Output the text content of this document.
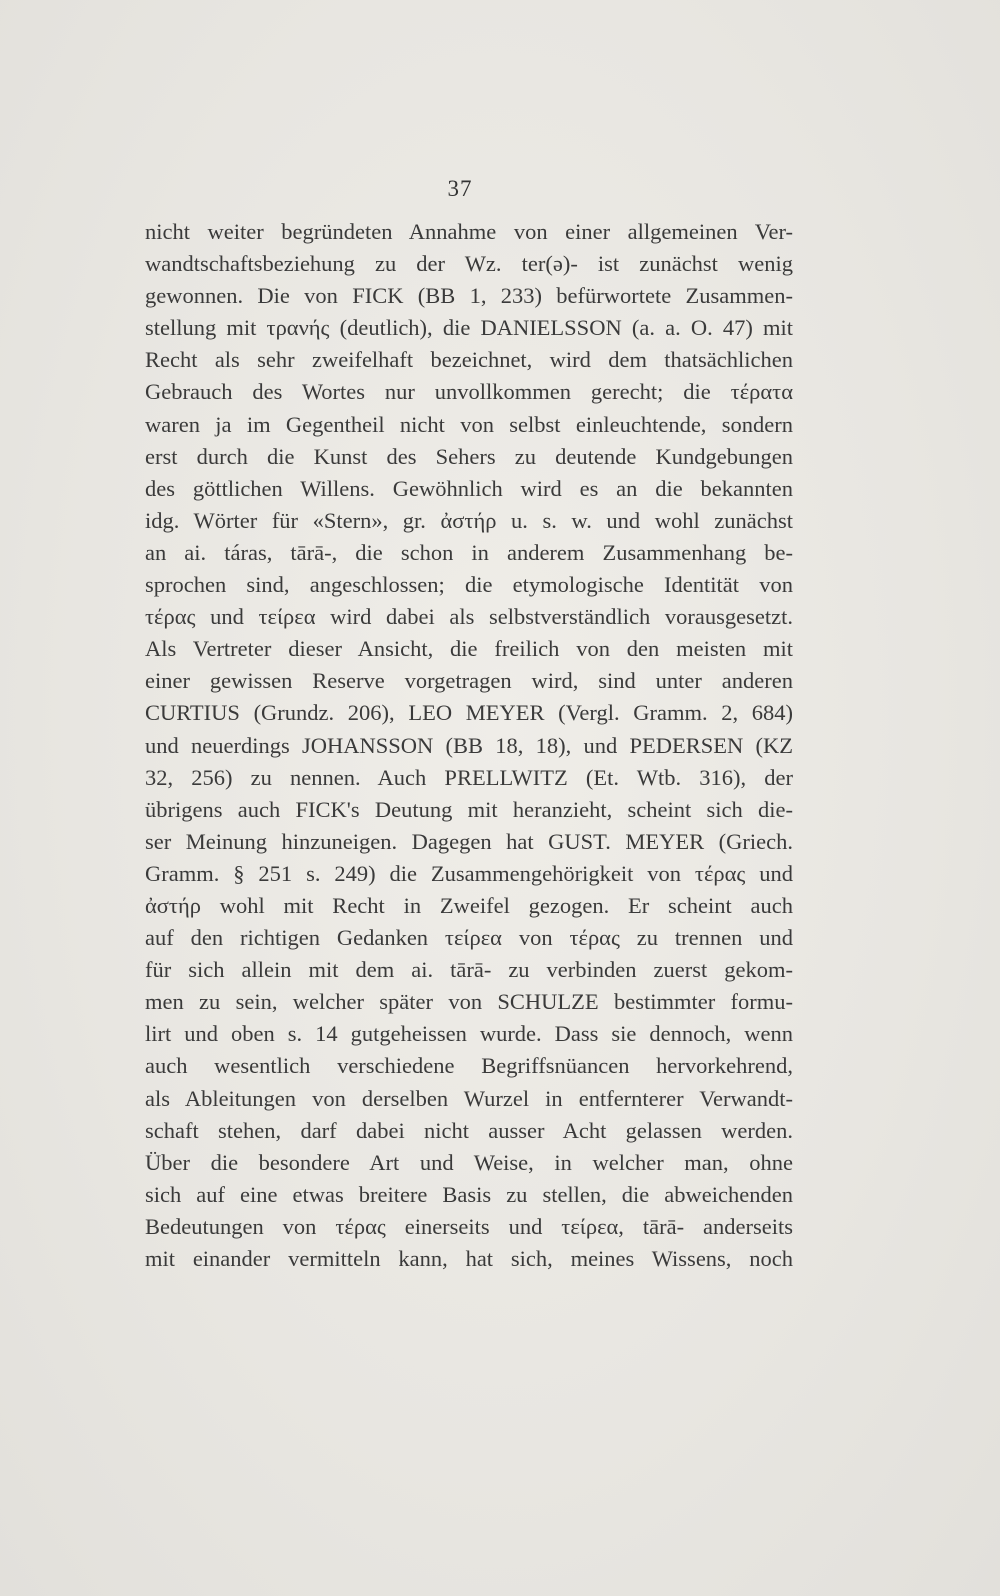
37
nicht weiter begründeten Annahme von einer allgemeinen Ver-
wandtschaftsbeziehung zu der Wz. ter(ə)- ist zunächst wenig
gewonnen. Die von FICK (BB 1, 233) befürwortete Zusammen-
stellung mit τρανής (deutlich), die DANIELSSON (a. a. O. 47) mit
Recht als sehr zweifelhaft bezeichnet, wird dem thatsächlichen
Gebrauch des Wortes nur unvollkommen gerecht; die τέρατα
waren ja im Gegentheil nicht von selbst einleuchtende, sondern
erst durch die Kunst des Sehers zu deutende Kundgebungen
des göttlichen Willens. Gewöhnlich wird es an die bekannten
idg. Wörter für «Stern», gr. ἀστήρ u. s. w. und wohl zunächst
an ai. táras, tārā-, die schon in anderem Zusammenhang be-
sprochen sind, angeschlossen; die etymologische Identität von
τέρας und τείρεα wird dabei als selbstverständlich vorausgesetzt.
Als Vertreter dieser Ansicht, die freilich von den meisten mit
einer gewissen Reserve vorgetragen wird, sind unter anderen
CURTIUS (Grundz. 206), LEO MEYER (Vergl. Gramm. 2, 684)
und neuerdings JOHANSSON (BB 18, 18), und PEDERSEN (KZ
32, 256) zu nennen. Auch PRELLWITZ (Et. Wtb. 316), der
übrigens auch FICK's Deutung mit heranzieht, scheint sich die-
ser Meinung hinzuneigen. Dagegen hat GUST. MEYER (Griech.
Gramm. § 251 s. 249) die Zusammengehörigkeit von τέρας und
ἀστήρ wohl mit Recht in Zweifel gezogen. Er scheint auch
auf den richtigen Gedanken τείρεα von τέρας zu trennen und
für sich allein mit dem ai. tārā- zu verbinden zuerst gekom-
men zu sein, welcher später von SCHULZE bestimmter formu-
lirt und oben s. 14 gutgeheissen wurde. Dass sie dennoch, wenn
auch wesentlich verschiedene Begriffsnüancen hervorkehrend,
als Ableitungen von derselben Wurzel in entfernterer Verwandt-
schaft stehen, darf dabei nicht ausser Acht gelassen werden.
Über die besondere Art und Weise, in welcher man, ohne
sich auf eine etwas breitere Basis zu stellen, die abweichenden
Bedeutungen von τέρας einerseits und τείρεα, tārā- anderseits
mit einander vermitteln kann, hat sich, meines Wissens, noch
